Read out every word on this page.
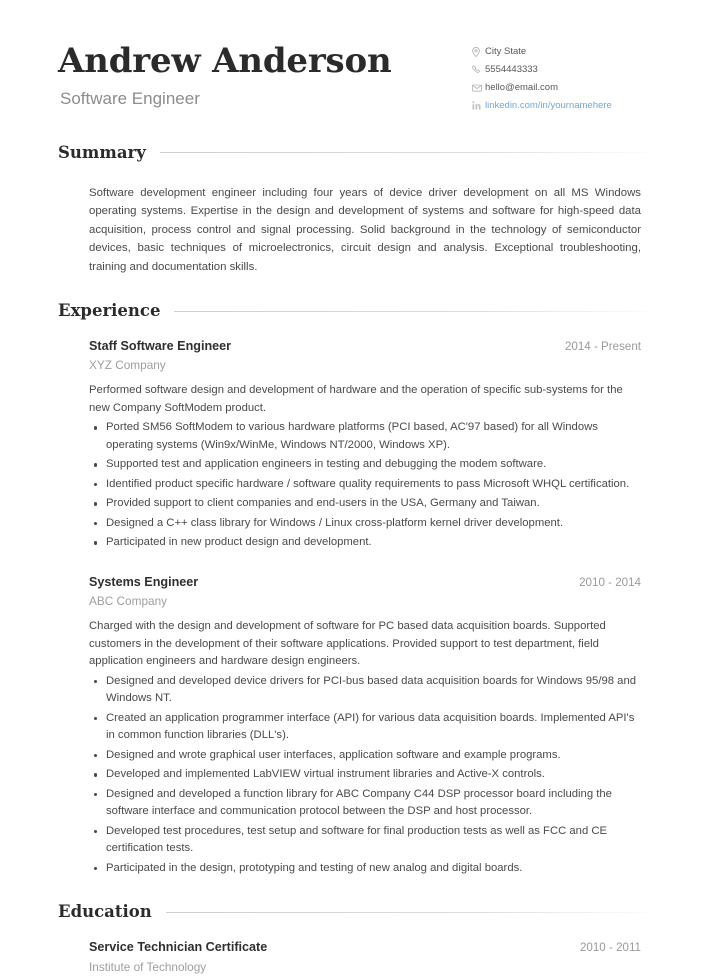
Andrew Anderson
Software Engineer
City State
5554443333
hello@email.com
linkedin.com/in/yournamehere
Summary

Software development engineer including four years of device driver development on all MS Windows operating systems. Expertise in the design and development of systems and software for high-speed data acquisition, process control and signal processing. Solid background in the technology of semiconductor devices, basic techniques of microelectronics, circuit design and analysis. Exceptional troubleshooting, training and documentation skills.

Experience
Staff Software Engineer	2014 - Present
XYZ Company

Performed software design and development of hardware and the operation of specific sub-systems for the new Company SoftModem product.

Ported SM56 SoftModem to various hardware platforms (PCI based, AC'97 based) for all Windows operating systems (Win9x/WinMe, Windows NT/2000, Windows XP).
Supported test and application engineers in testing and debugging the modem software.
Identified product specific hardware / software quality requirements to pass Microsoft WHQL certification.
Provided support to client companies and end-users in the USA, Germany and Taiwan.
Designed a C++ class library for Windows / Linux cross-platform kernel driver development.
Participated in new product design and development.
Systems Engineer	2010 - 2014
ABC Company

Charged with the design and development of software for PC based data acquisition boards. Supported customers in the development of their software applications. Provided support to test department, field application engineers and hardware design engineers.

Designed and developed device drivers for PCI-bus based data acquisition boards for Windows 95/98 and Windows NT.
Created an application programmer interface (API) for various data acquisition boards. Implemented API's in common function libraries (DLL's).
Designed and wrote graphical user interfaces, application software and example programs.
Developed and implemented LabVIEW virtual instrument libraries and Active-X controls.
Designed and developed a function library for ABC Company C44 DSP processor board including the software interface and communication protocol between the DSP and host processor.
Developed test procedures, test setup and software for final production tests as well as FCC and CE certification tests.
Participated in the design, prototyping and testing of new analog and digital boards.
Education
Service Technician Certificate	2010 - 2011
Institute of Technology
